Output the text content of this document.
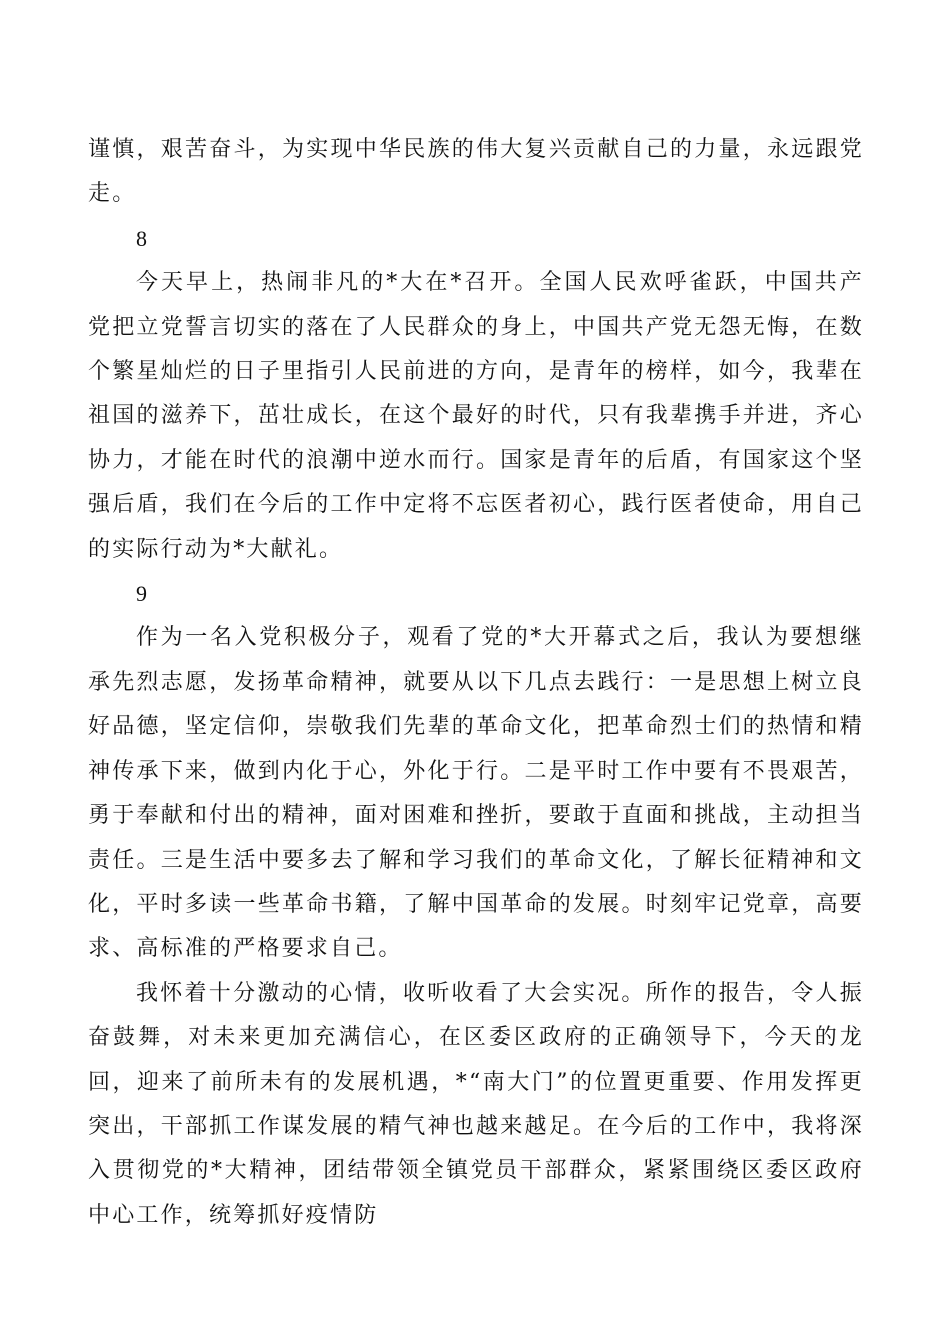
谨慎，艰苦奋斗，为实现中华民族的伟大复兴贡献自己的力量，永远跟党走。

8

今天早上，热闹非凡的*大在*召开。全国人民欢呼雀跃，中国共产党把立党誓言切实的落在了人民群众的身上，中国共产党无怨无悔，在数个繁星灿烂的日子里指引人民前进的方向，是青年的榜样，如今，我辈在祖国的滋养下，茁壮成长，在这个最好的时代，只有我辈携手并进，齐心协力，才能在时代的浪潮中逆水而行。国家是青年的后盾，有国家这个坚强后盾，我们在今后的工作中定将不忘医者初心，践行医者使命，用自己的实际行动为*大献礼。

9

作为一名入党积极分子，观看了党的*大开幕式之后，我认为要想继承先烈志愿，发扬革命精神，就要从以下几点去践行：一是思想上树立良好品德，坚定信仰，崇敬我们先辈的革命文化，把革命烈士们的热情和精神传承下来，做到内化于心，外化于行。二是平时工作中要有不畏艰苦，勇于奉献和付出的精神，面对困难和挫折，要敢于直面和挑战，主动担当责任。三是生活中要多去了解和学习我们的革命文化，了解长征精神和文化，平时多读一些革命书籍，了解中国革命的发展。时刻牢记党章，高要求、高标准的严格要求自己。

我怀着十分激动的心情，收听收看了大会实况。所作的报告，令人振奋鼓舞，对未来更加充满信心，在区委区政府的正确领导下，今天的龙回，迎来了前所未有的发展机遇，*“南大门”的位置更重要、作用发挥更突出，干部抓工作谋发展的精气神也越来越足。在今后的工作中，我将深入贯彻党的*大精神，团结带领全镇党员干部群众，紧紧围绕区委区政府中心工作，统筹抓好疫情防
